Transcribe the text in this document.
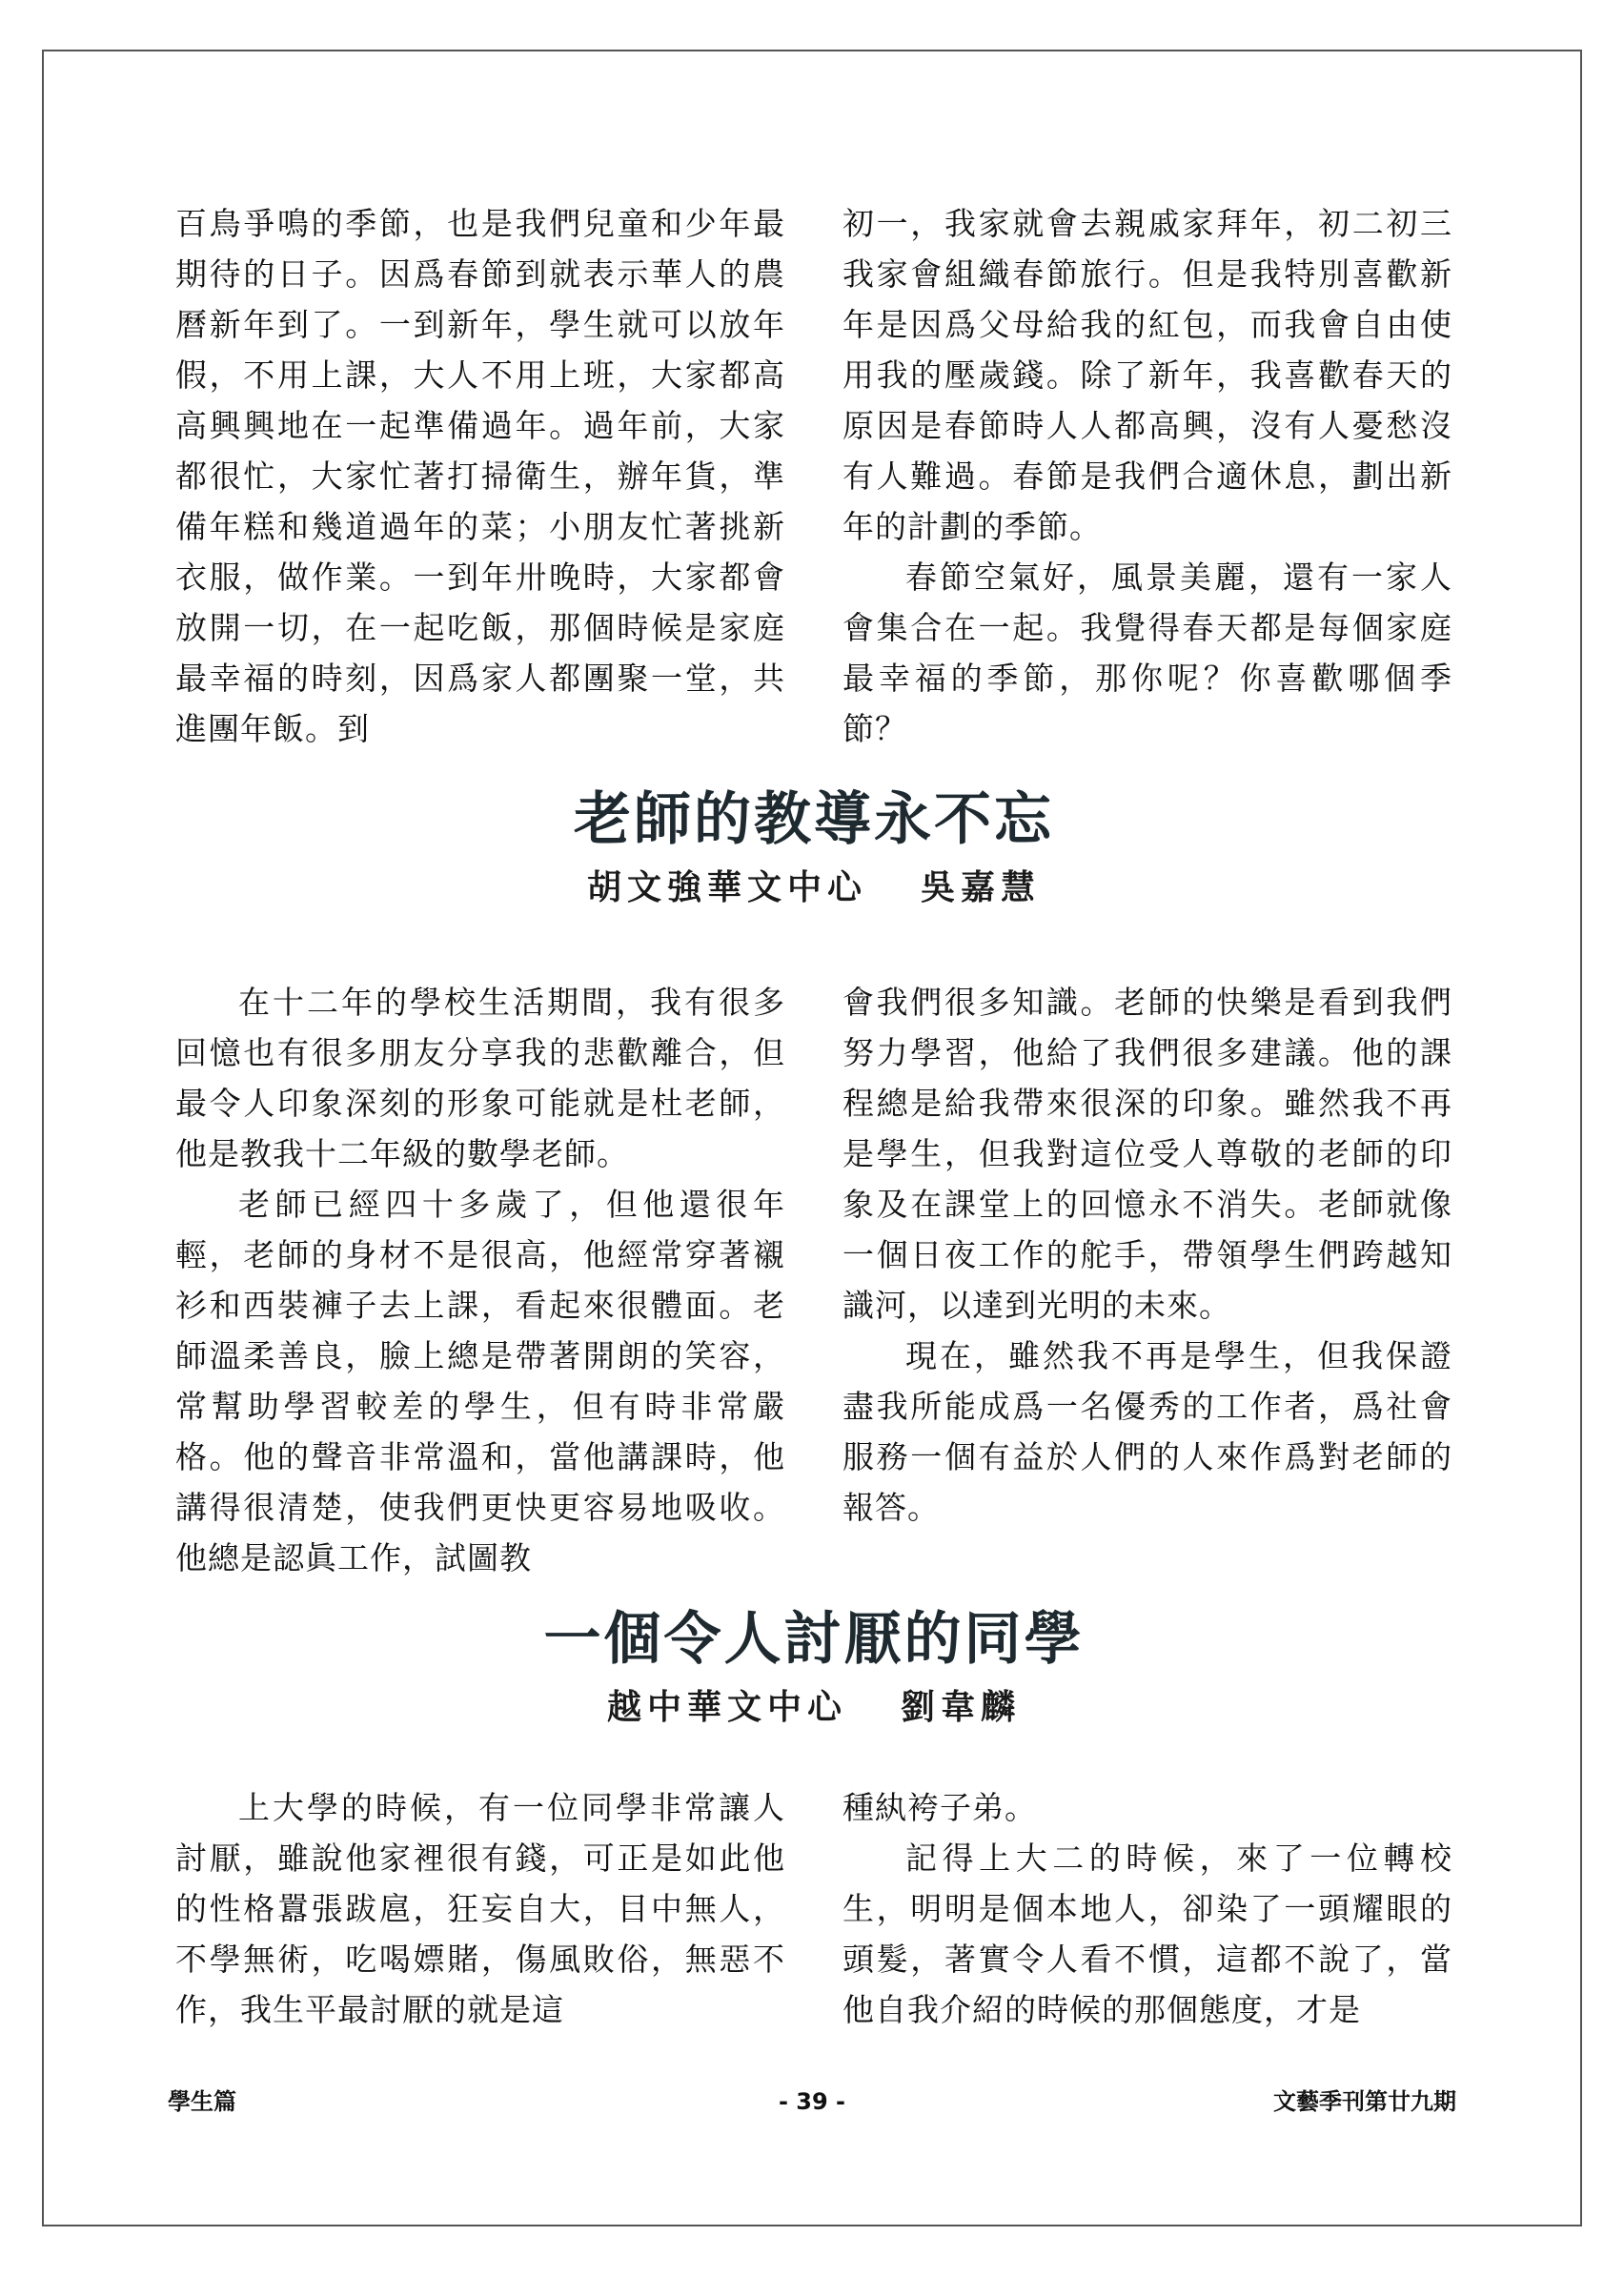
百鳥爭鳴的季節，也是我們兒童和少年最期待的日子。因爲春節到就表示華人的農曆新年到了。一到新年，學生就可以放年假，不用上課，大人不用上班，大家都高高興興地在一起準備過年。過年前，大家都很忙，大家忙著打掃衛生，辦年貨，準備年糕和幾道過年的菜；小朋友忙著挑新衣服，做作業。一到年卅晚時，大家都會放開一切，在一起吃飯，那個時候是家庭最幸福的時刻，因爲家人都團聚一堂，共進團年飯。到

初一，我家就會去親戚家拜年，初二初三我家會組織春節旅行。但是我特別喜歡新年是因爲父母給我的紅包，而我會自由使用我的壓歲錢。除了新年，我喜歡春天的原因是春節時人人都高興，沒有人憂愁沒有人難過。春節是我們合適休息，劃出新年的計劃的季節。

春節空氣好，風景美麗，還有一家人會集合在一起。我覺得春天都是每個家庭最幸福的季節，那你呢？你喜歡哪個季節？

老師的教導永不忘
胡文強華文中心 吳嘉慧

在十二年的學校生活期間，我有很多回憶也有很多朋友分享我的悲歡離合，但最令人印象深刻的形象可能就是杜老師，他是教我十二年級的數學老師。

老師已經四十多歲了，但他還很年輕，老師的身材不是很高，他經常穿著襯衫和西裝褲子去上課，看起來很體面。老師溫柔善良，臉上總是帶著開朗的笑容，常幫助學習較差的學生，但有時非常嚴格。他的聲音非常溫和，當他講課時，他講得很清楚，使我們更快更容易地吸收。他總是認眞工作，試圖教

會我們很多知識。老師的快樂是看到我們努力學習，他給了我們很多建議。他的課程總是給我帶來很深的印象。雖然我不再是學生，但我對這位受人尊敬的老師的印象及在課堂上的回憶永不消失。老師就像一個日夜工作的舵手，帶領學生們跨越知識河，以達到光明的未來。

現在，雖然我不再是學生，但我保證盡我所能成爲一名優秀的工作者，爲社會服務一個有益於人們的人來作爲對老師的報答。

一個令人討厭的同學
越中華文中心 劉韋麟

上大學的時候，有一位同學非常讓人討厭，雖說他家裡很有錢，可正是如此他的性格囂張跋扈，狂妄自大，目中無人，不學無術，吃喝嫖賭，傷風敗俗，無惡不作，我生平最討厭的就是這

種紈袴子弟。

記得上大二的時候，來了一位轉校生，明明是個本地人，卻染了一頭耀眼的頭髮，著實令人看不慣，這都不說了，當他自我介紹的時候的那個態度，才是

學生篇	- 39 -	文藝季刊第廿九期
